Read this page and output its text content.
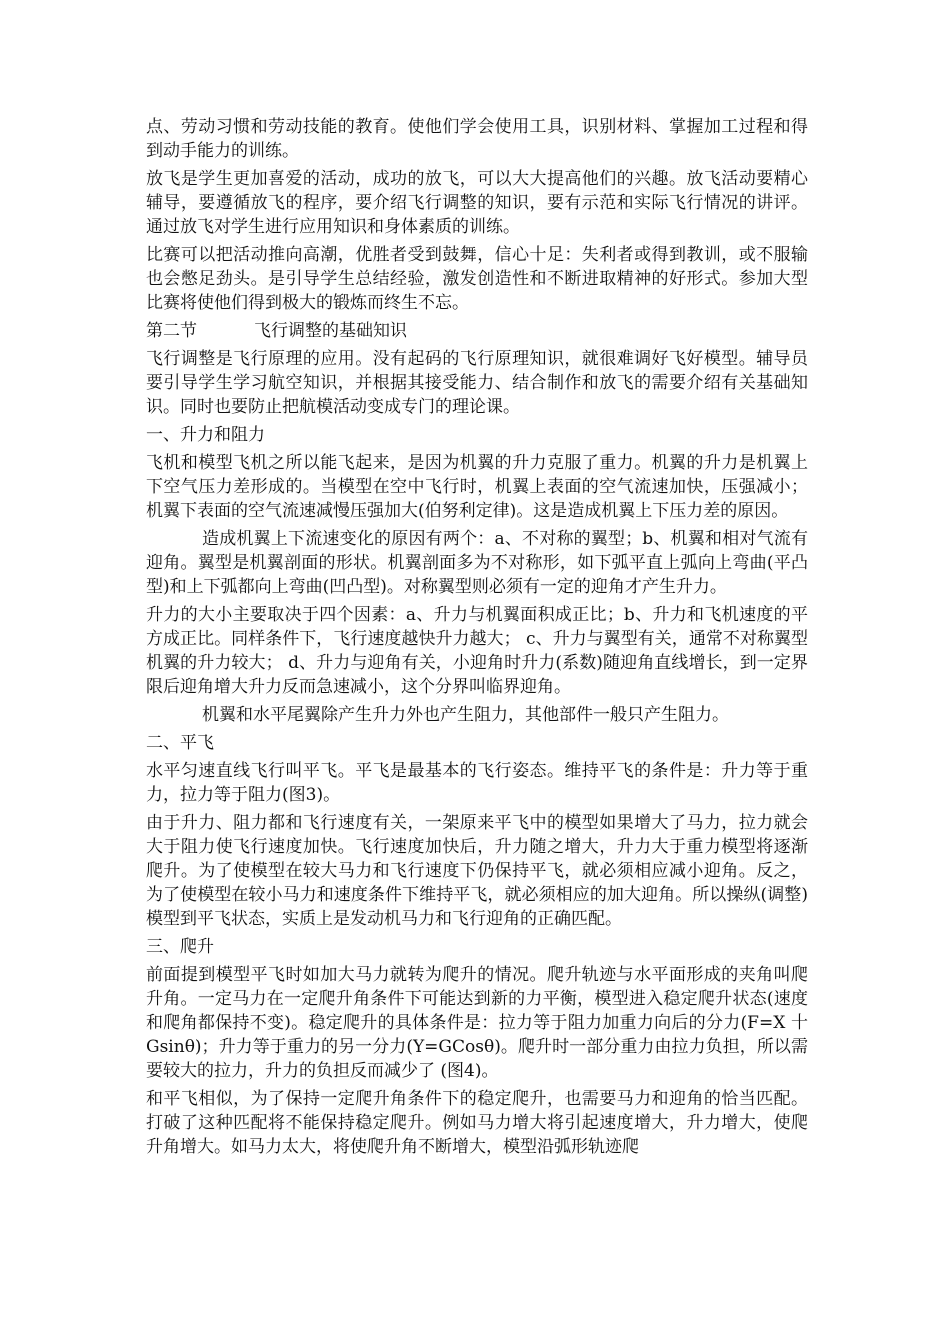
点、劳动习惯和劳动技能的教育。使他们学会使用工具，识别材料、掌握加工过程和得到动手能力的训练。

放飞是学生更加喜爱的活动，成功的放飞，可以大大提高他们的兴趣。放飞活动要精心辅导，要遵循放飞的程序，要介绍飞行调整的知识，要有示范和实际飞行情况的讲评。通过放飞对学生进行应用知识和身体素质的训练。

比赛可以把活动推向高潮，优胜者受到鼓舞，信心十足：失利者或得到教训，或不服输也会憋足劲头。是引导学生总结经验，激发创造性和不断进取精神的好形式。参加大型比赛将使他们得到极大的锻炼而终生不忘。

第二节	飞行调整的基础知识

飞行调整是飞行原理的应用。没有起码的飞行原理知识，就很难调好飞好模型。辅导员要引导学生学习航空知识，并根据其接受能力、结合制作和放飞的需要介绍有关基础知识。同时也要防止把航模活动变成专门的理论课。

一、升力和阻力

飞机和模型飞机之所以能飞起来，是因为机翼的升力克服了重力。机翼的升力是机翼上下空气压力差形成的。当模型在空中飞行时，机翼上表面的空气流速加快，压强减小；机翼下表面的空气流速减慢压强加大(伯努利定律)。这是造成机翼上下压力差的原因。

造成机翼上下流速变化的原因有两个：a、不对称的翼型；b、机翼和相对气流有迎角。翼型是机翼剖面的形状。机翼剖面多为不对称形，如下弧平直上弧向上弯曲(平凸型)和上下弧都向上弯曲(凹凸型)。对称翼型则必须有一定的迎角才产生升力。

升力的大小主要取决于四个因素：a、升力与机翼面积成正比；b、升力和飞机速度的平方成正比。同样条件下，飞行速度越快升力越大； c、升力与翼型有关，通常不对称翼型机翼的升力较大； d、升力与迎角有关，小迎角时升力(系数)随迎角直线增长，到一定界限后迎角增大升力反而急速减小，这个分界叫临界迎角。

机翼和水平尾翼除产生升力外也产生阻力，其他部件一般只产生阻力。

二、平飞

水平匀速直线飞行叫平飞。平飞是最基本的飞行姿态。维持平飞的条件是：升力等于重力，拉力等于阻力(图3)。

由于升力、阻力都和飞行速度有关，一架原来平飞中的模型如果增大了马力，拉力就会大于阻力使飞行速度加快。飞行速度加快后，升力随之增大，升力大于重力模型将逐渐爬升。为了使模型在较大马力和飞行速度下仍保持平飞，就必须相应减小迎角。反之，为了使模型在较小马力和速度条件下维持平飞，就必须相应的加大迎角。所以操纵(调整)模型到平飞状态，实质上是发动机马力和飞行迎角的正确匹配。

三、爬升

前面提到模型平飞时如加大马力就转为爬升的情况。爬升轨迹与水平面形成的夹角叫爬升角。一定马力在一定爬升角条件下可能达到新的力平衡，模型进入稳定爬升状态(速度和爬角都保持不变)。稳定爬升的具体条件是：拉力等于阻力加重力向后的分力(F=X 十 Gsinθ)；升力等于重力的另一分力(Y=GCosθ)。爬升时一部分重力由拉力负担，所以需要较大的拉力，升力的负担反而减少了 (图4)。

和平飞相似，为了保持一定爬升角条件下的稳定爬升，也需要马力和迎角的恰当匹配。打破了这种匹配将不能保持稳定爬升。例如马力增大将引起速度增大，升力增大，使爬升角增大。如马力太大，将使爬升角不断增大，模型沿弧形轨迹爬
